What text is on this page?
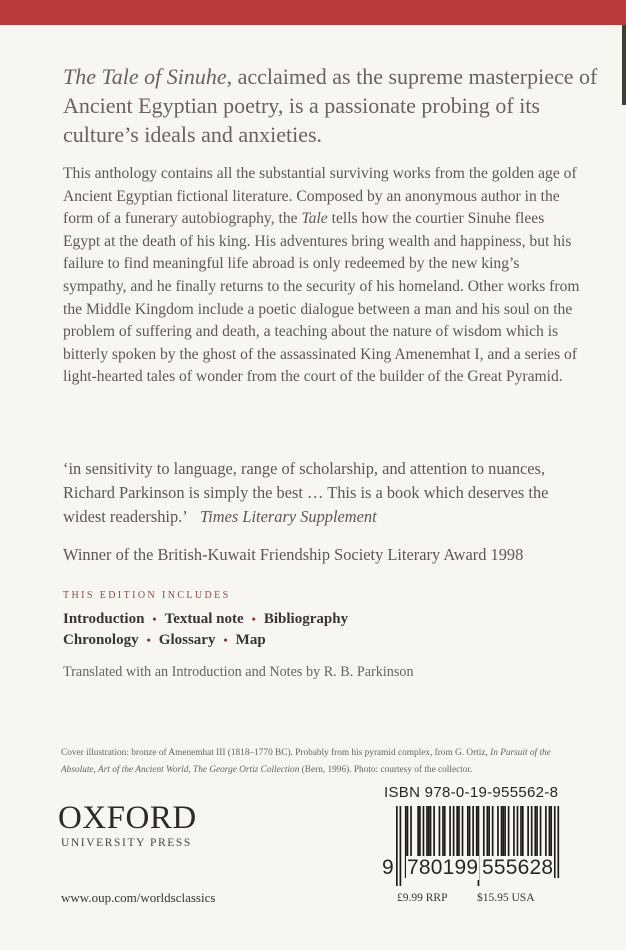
The Tale of Sinuhe, acclaimed as the supreme masterpiece of Ancient Egyptian poetry, is a passionate probing of its culture’s ideals and anxieties.
This anthology contains all the substantial surviving works from the golden age of Ancient Egyptian fictional literature. Composed by an anonymous author in the form of a funerary autobiography, the Tale tells how the courtier Sinuhe flees Egypt at the death of his king. His adventures bring wealth and happiness, but his failure to find meaningful life abroad is only redeemed by the new king’s sympathy, and he finally returns to the security of his homeland. Other works from the Middle Kingdom include a poetic dialogue between a man and his soul on the problem of suffering and death, a teaching about the nature of wisdom which is bitterly spoken by the ghost of the assassinated King Amenemhat I, and a series of light-hearted tales of wonder from the court of the builder of the Great Pyramid.
‘in sensitivity to language, range of scholarship, and attention to nuances, Richard Parkinson is simply the best … This is a book which deserves the widest readership.’ Times Literary Supplement
Winner of the British-Kuwait Friendship Society Literary Award 1998
THIS EDITION INCLUDES
Introduction • Textual note • Bibliography
Chronology • Glossary • Map
Translated with an Introduction and Notes by R. B. Parkinson
Cover illustration: bronze of Amenemhat III (1818–1770 BC). Probably from his pyramid complex, from G. Ortiz, In Pursuit of the Absolute, Art of the Ancient World, The George Ortiz Collection (Bern, 1996). Photo: courtesy of the collector.
OXFORD
UNIVERSITY PRESS
www.oup.com/worldsclassics
ISBN 978-0-19-955562-8
9 780199 555628
£9.99 RRP	$15.95 USA
